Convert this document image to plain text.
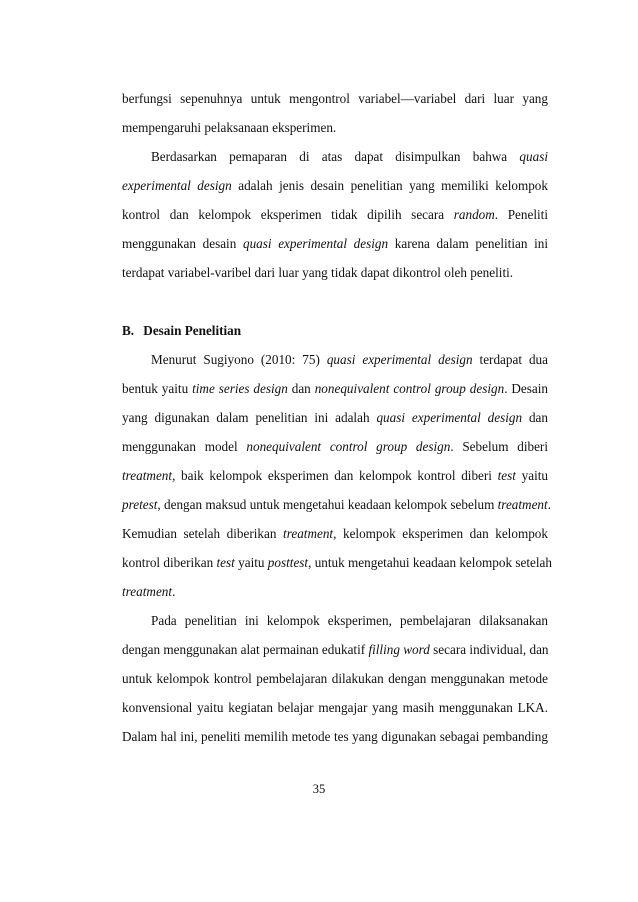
berfungsi sepenuhnya untuk mengontrol variabel—variabel dari luar yang
mempengaruhi pelaksanaan eksperimen.
Berdasarkan pemaparan di atas dapat disimpulkan bahwa quasi
experimental design adalah jenis desain penelitian yang memiliki kelompok
kontrol dan kelompok eksperimen tidak dipilih secara random. Peneliti
menggunakan desain quasi experimental design karena dalam penelitian ini
terdapat variabel-varibel dari luar yang tidak dapat dikontrol oleh peneliti.
B. Desain Penelitian
Menurut Sugiyono (2010: 75) quasi experimental design terdapat dua
bentuk yaitu time series design dan nonequivalent control group design. Desain
yang digunakan dalam penelitian ini adalah quasi experimental design dan
menggunakan model nonequivalent control group design. Sebelum diberi
treatment, baik kelompok eksperimen dan kelompok kontrol diberi test yaitu
pretest, dengan maksud untuk mengetahui keadaan kelompok sebelum treatment.
Kemudian setelah diberikan treatment, kelompok eksperimen dan kelompok
kontrol diberikan test yaitu posttest, untuk mengetahui keadaan kelompok setelah
treatment.
Pada penelitian ini kelompok eksperimen, pembelajaran dilaksanakan
dengan menggunakan alat permainan edukatif filling word secara individual, dan
untuk kelompok kontrol pembelajaran dilakukan dengan menggunakan metode
konvensional yaitu kegiatan belajar mengajar yang masih menggunakan LKA.
Dalam hal ini, peneliti memilih metode tes yang digunakan sebagai pembanding
35
